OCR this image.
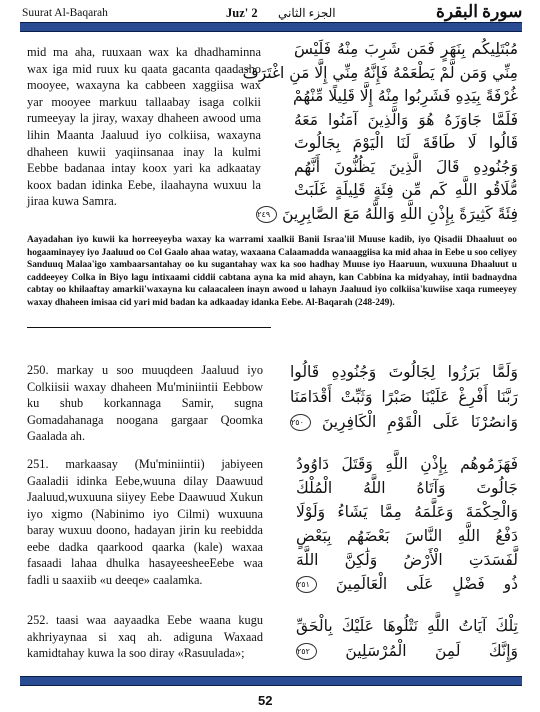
Suurat Al-Baqarah	Juz' 2 الجزء الثاني	سورة البقرة
mid ma aha, ruuxaan wax ka dhadhaminna wax iga mid ruux ku qaata gacanta qaadasho mooyee, waxayna ka cabbeen xaggiisa wax yar mooyee markuu tallaabay isaga colkii rumeeyay la jiray, waxay dhaheen awood uma lihin Maanta Jaaluud iyo colkiisa, waxayna dhaheen kuwii yaqiinsanaa inay la kulmi Eebbe badanaa intay koox yari ka adkaatay koox badan idinka Eebe, ilaahayna wuxuu la jiraa kuwa Samra.
مُبْتَلِيكُم بِنَهَرٍ فَمَن شَرِبَ مِنْهُ فَلَيْسَ
مِنِّي وَمَن لَّمْ يَطْعَمْهُ فَإِنَّهُ مِنِّي إِلَّا مَنِ اغْتَرَفَ
غُرْفَةً بِيَدِهِ فَشَرِبُوا مِنْهُ إِلَّا قَلِيلًا مِّنْهُمْ
فَلَمَّا جَاوَزَهُ هُوَ وَالَّذِينَ آمَنُوا مَعَهُ
قَالُوا لَا طَاقَةَ لَنَا الْيَوْمَ بِجَالُوتَ
وَجُنُودِهِ قَالَ الَّذِينَ يَظُنُّونَ أَنَّهُم
مُّلَاقُو اللَّهِ كَم مِّن فِئَةٍ قَلِيلَةٍ غَلَبَتْ
فِئَةً كَثِيرَةً بِإِذْنِ اللَّهِ وَاللَّهُ مَعَ الصَّابِرِينَ ٢٤٩
Aayadahan iyo kuwii ka horreeyeyba waxay ka warrami xaalkii Banii Israa'iil Muuse kadib, iyo Qisadii Dhaaluut oo hogaaminayey iyo Jaaluud oo Col Gaalo ahaa watay, waxaana Calaamadda wanaaggiisa ka mid ahaa in Eebe u soo celiyey Sanduuq Malaa'igo xambaarsantahay oo ku sugantahay wax ka soo hadhay Muuse iyo Haaruun, wuxuuna Dhaaluut u caddeeyey Colka in Biyo lagu intixaami ciddii cabtana ayna ka mid ahayn, kan Cabbina ka midyahay, intii badnaydna cabtay oo khilaaftay amarkii'waxayna ku calaacaleen inayn awood u lahayn Jaaluud iyo colkiisa'kuwiise xaqa rumeeyey waxay dhaheen imisaa cid yari mid badan ka adkaaday idanka Eebe. Al-Baqarah (248-249).
250. markay u soo muuqdeen Jaaluud iyo Colkiisii waxay dhaheen Mu'miniintii Eebbow ku shub korkannaga Samir, sugna Gomadahanaga noogana gargaar Qoomka Gaalada ah.
وَلَمَّا بَرَزُوا لِجَالُوتَ وَجُنُودِهِ قَالُوا
رَبَّنَا أَفْرِغْ عَلَيْنَا صَبْرًا وَثَبِّتْ أَقْدَامَنَا
وَانصُرْنَا عَلَى الْقَوْمِ الْكَافِرِينَ ٢٥٠
251. markaasay (Mu'miniintii) jabiyeen Gaaladii idinka Eebe,wuuna dilay Daawuud Jaaluud,wuxuuna siiyey Eebe Daawuud Xukun iyo xigmo (Nabinimo iyo Cilmi) wuxuuna baray wuxuu doono, hadayan jirin ku reebidda eebe dadka qaarkood qaarka (kale) waxaa fasaadi lahaa dhulka hasayeesheeEebe waa fadli u saaxiib «u deeqe» caalamka.
فَهَزَمُوهُم بِإِذْنِ اللَّهِ وَقَتَلَ دَاوُودُ
جَالُوتَ وَآتَاهُ اللَّهُ الْمُلْكَ
وَالْحِكْمَةَ وَعَلَّمَهُ مِمَّا يَشَاءُ وَلَوْلَا
دَفْعُ اللَّهِ النَّاسَ بَعْضَهُم بِبَعْضٍ
لَّفَسَدَتِ الْأَرْضُ وَلَٰكِنَّ اللَّهَ
ذُو فَضْلٍ عَلَى الْعَالَمِينَ ٢٥١
252. taasi waa aayaadka Eebe waana kugu akhriyaynaa si xaq ah. adiguna Waxaad kamidtahay kuwa la soo diray «Rasuulada»;
تِلْكَ آيَاتُ اللَّهِ نَتْلُوهَا عَلَيْكَ بِالْحَقِّ
وَإِنَّكَ لَمِنَ الْمُرْسَلِينَ ٢٥٢
52
